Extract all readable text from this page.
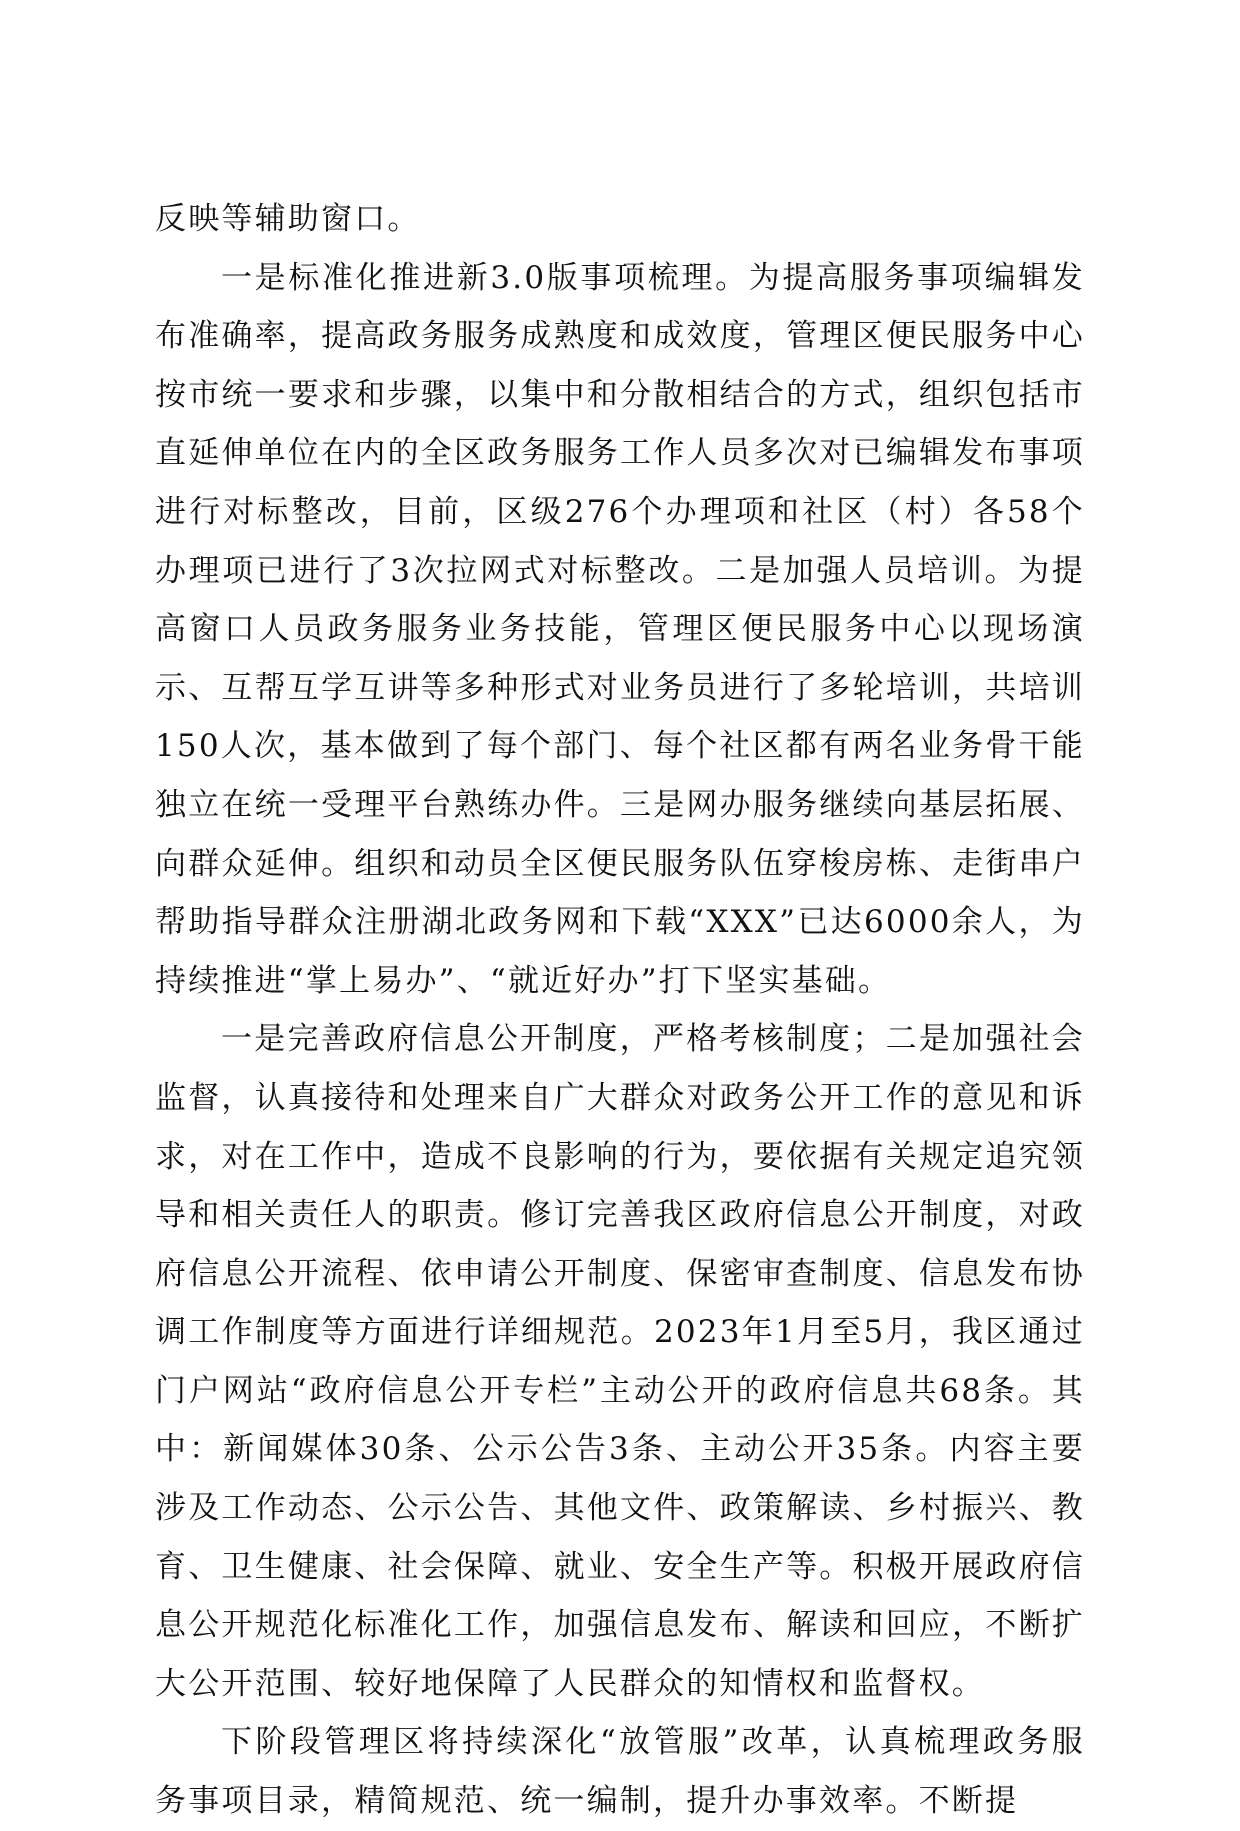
反映等辅助窗口。

一是标准化推进新3.0版事项梳理。为提高服务事项编辑发布准确率，提高政务服务成熟度和成效度，管理区便民服务中心按市统一要求和步骤，以集中和分散相结合的方式，组织包括市直延伸单位在内的全区政务服务工作人员多次对已编辑发布事项进行对标整改，目前，区级276个办理项和社区（村）各58个办理项已进行了3次拉网式对标整改。二是加强人员培训。为提高窗口人员政务服务业务技能，管理区便民服务中心以现场演示、互帮互学互讲等多种形式对业务员进行了多轮培训，共培训150人次，基本做到了每个部门、每个社区都有两名业务骨干能独立在统一受理平台熟练办件。三是网办服务继续向基层拓展、向群众延伸。组织和动员全区便民服务队伍穿梭房栋、走街串户帮助指导群众注册湖北政务网和下载“XXX”已达6000余人，为持续推进“掌上易办”、“就近好办”打下坚实基础。

一是完善政府信息公开制度，严格考核制度；二是加强社会监督，认真接待和处理来自广大群众对政务公开工作的意见和诉求，对在工作中，造成不良影响的行为，要依据有关规定追究领导和相关责任人的职责。修订完善我区政府信息公开制度，对政府信息公开流程、依申请公开制度、保密审查制度、信息发布协调工作制度等方面进行详细规范。2023年1月至5月，我区通过门户网站“政府信息公开专栏”主动公开的政府信息共68条。其中：新闻媒体30条、公示公告3条、主动公开35条。内容主要涉及工作动态、公示公告、其他文件、政策解读、乡村振兴、教育、卫生健康、社会保障、就业、安全生产等。积极开展政府信息公开规范化标准化工作，加强信息发布、解读和回应，不断扩大公开范围、较好地保障了人民群众的知情权和监督权。

下阶段管理区将持续深化“放管服”改革，认真梳理政务服务事项目录，精简规范、统一编制，提升办事效率。不断提
